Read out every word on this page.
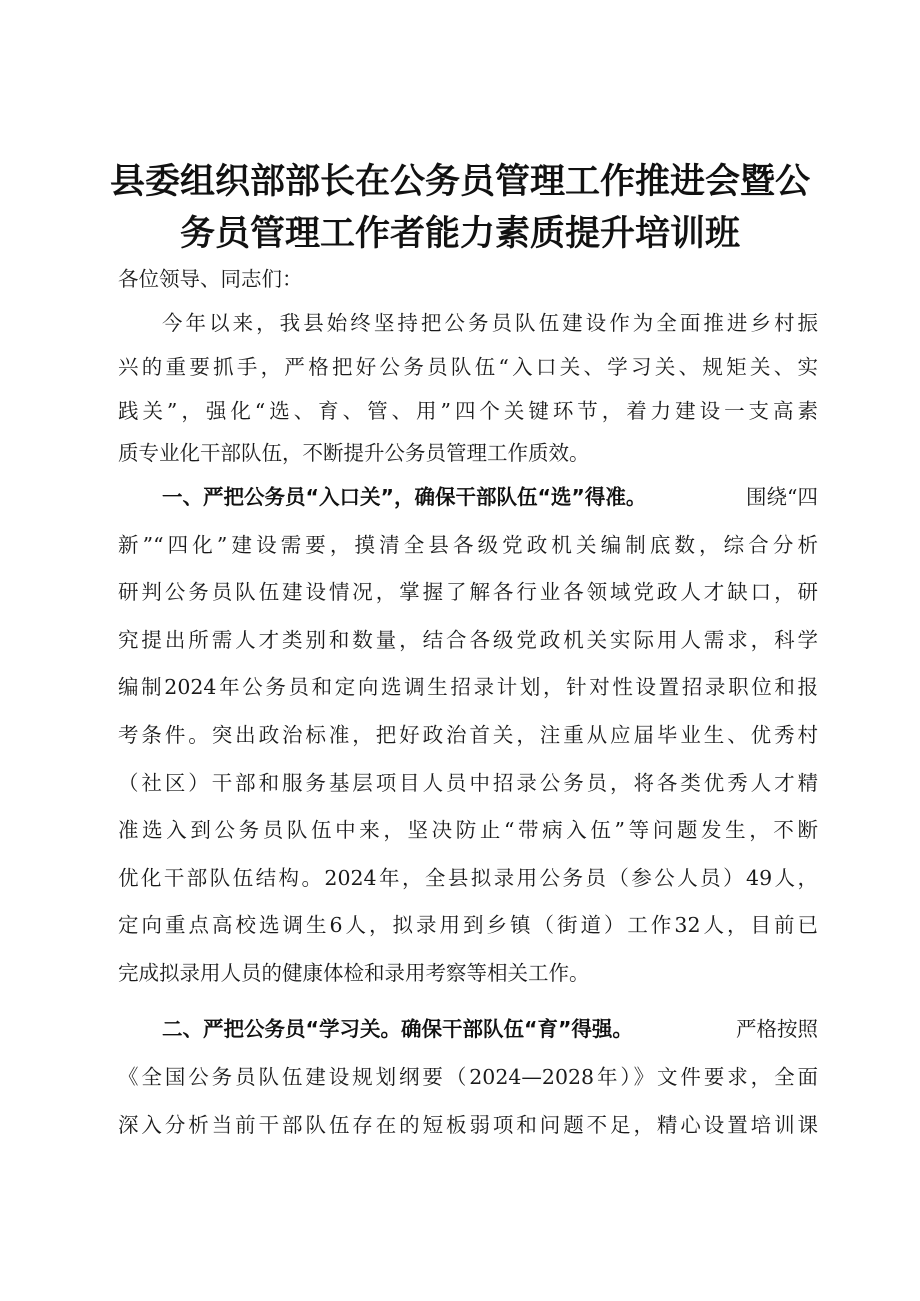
县委组织部部长在公务员管理工作推进会暨公
务员管理工作者能力素质提升培训班
各位领导、同志们：
今年以来，我县始终坚持把公务员队伍建设作为全面推进乡村振
兴的重要抓手，严格把好公务员队伍“入口关、学习关、规矩关、实
践关”，强化“选、育、管、用”四个关键环节，着力建设一支高素
质专业化干部队伍，不断提升公务员管理工作质效。
一、严把公务员“入口关”，确保干部队伍“选”得准。	围绕“四
新”“四化”建设需要，摸清全县各级党政机关编制底数，综合分析
研判公务员队伍建设情况，掌握了解各行业各领域党政人才缺口，研
究提出所需人才类别和数量，结合各级党政机关实际用人需求，科学
编制2024年公务员和定向选调生招录计划，针对性设置招录职位和报
考条件。突出政治标准，把好政治首关，注重从应届毕业生、优秀村
（社区）干部和服务基层项目人员中招录公务员，将各类优秀人才精
准选入到公务员队伍中来，坚决防止“带病入伍”等问题发生，不断
优化干部队伍结构。2024年，全县拟录用公务员（参公人员）49人，
定向重点高校选调生6人，拟录用到乡镇（街道）工作32人，目前已
完成拟录用人员的健康体检和录用考察等相关工作。
二、严把公务员“学习关。确保干部队伍“育”得强。	严格按照
《全国公务员队伍建设规划纲要（2024—2028年）》文件要求，全面
深入分析当前干部队伍存在的短板弱项和问题不足，精心设置培训课
